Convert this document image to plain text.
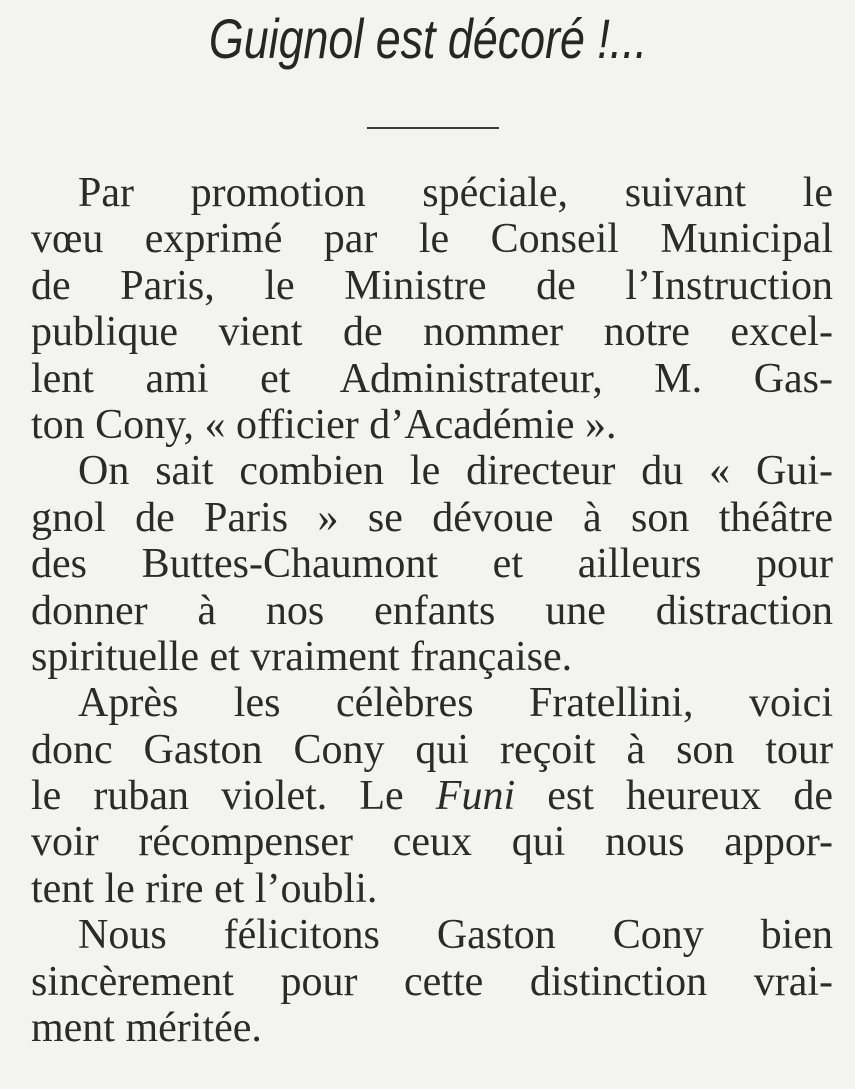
Guignol est décoré !...
Par promotion spéciale, suivant le
vœu exprimé par le Conseil Municipal
de Paris, le Ministre de l’Instruction
publique vient de nommer notre excel-
lent ami et Administrateur, M. Gas-
ton Cony, « officier d’Académie ».
On sait combien le directeur du « Gui-
gnol de Paris » se dévoue à son théâtre
des Buttes-Chaumont et ailleurs pour
donner à nos enfants une distraction
spirituelle et vraiment française.
Après les célèbres Fratellini, voici
donc Gaston Cony qui reçoit à son tour
le ruban violet. Le Funi est heureux de
voir récompenser ceux qui nous appor-
tent le rire et l’oubli.
Nous félicitons Gaston Cony bien
sincèrement pour cette distinction vrai-
ment méritée.
